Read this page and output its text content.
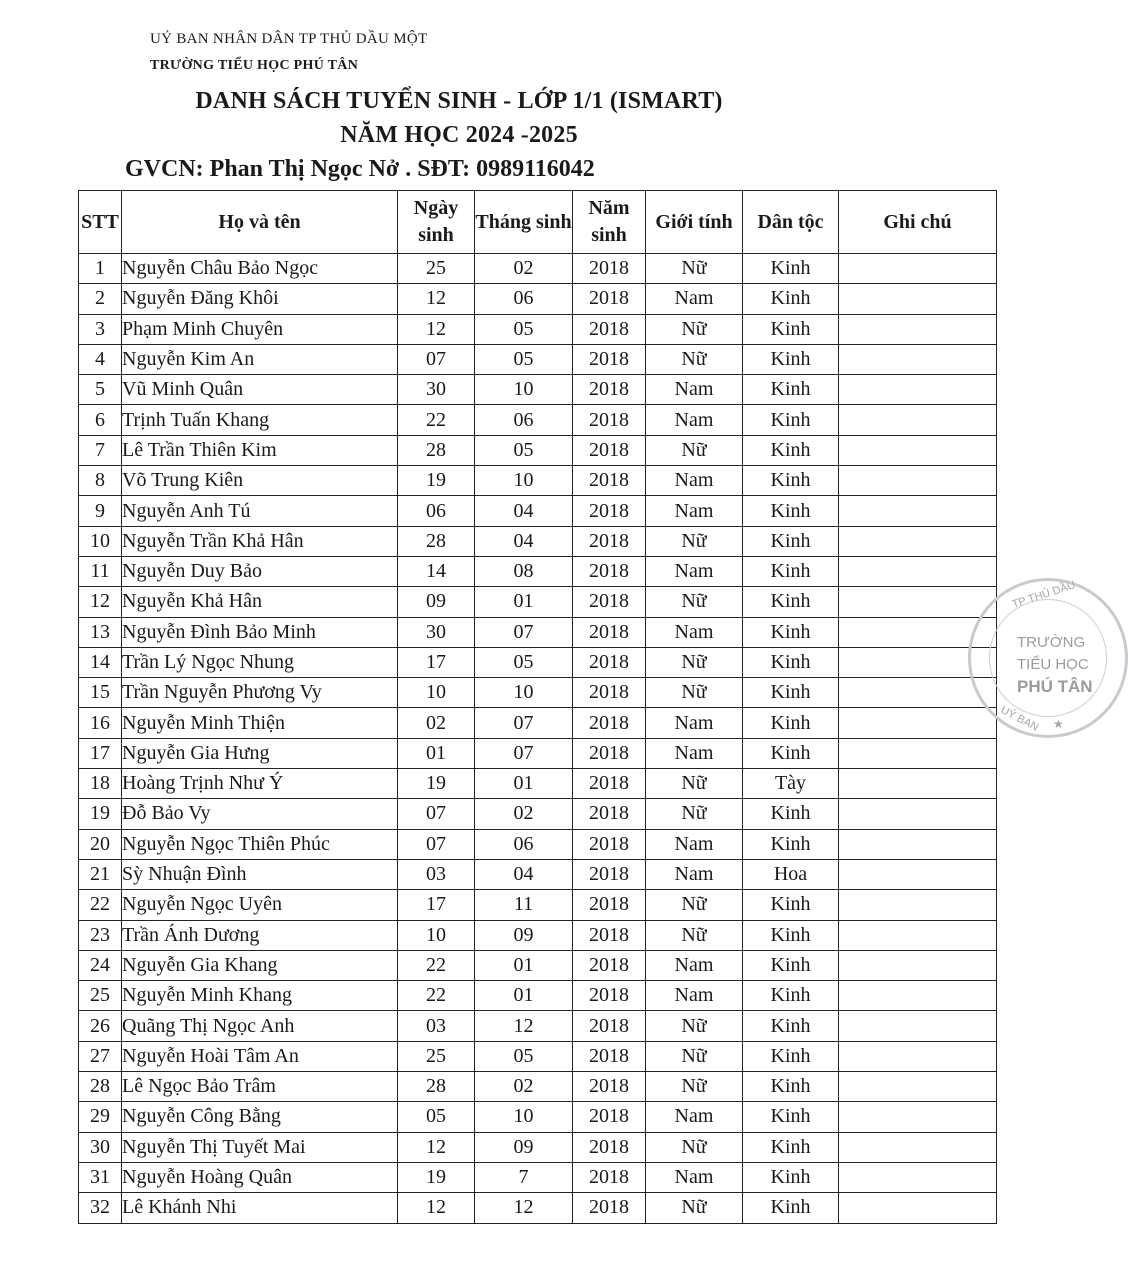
UỶ BAN NHÂN DÂN TP THỦ DẦU MỘT
TRƯỜNG TIỂU HỌC PHÚ TÂN
DANH SÁCH TUYỂN SINH - LỚP 1/1 (ISMART)
NĂM HỌC 2024 -2025
GVCN: Phan Thị Ngọc Nở . SĐT: 0989116042
STT	Họ và tên	Ngày sinh	Tháng sinh	Năm sinh	Giới tính	Dân tộc	Ghi chú
1	Nguyễn Châu Bảo Ngọc	25	02	2018	Nữ	Kinh	
2	Nguyễn Đăng Khôi	12	06	2018	Nam	Kinh	
3	Phạm Minh Chuyên	12	05	2018	Nữ	Kinh	
4	Nguyễn Kim An	07	05	2018	Nữ	Kinh	
5	Vũ Minh Quân	30	10	2018	Nam	Kinh	
6	Trịnh Tuấn Khang	22	06	2018	Nam	Kinh	
7	Lê Trần Thiên Kim	28	05	2018	Nữ	Kinh	
8	Võ Trung Kiên	19	10	2018	Nam	Kinh	
9	Nguyễn Anh Tú	06	04	2018	Nam	Kinh	
10	Nguyễn Trần Khả Hân	28	04	2018	Nữ	Kinh	
11	Nguyễn Duy Bảo	14	08	2018	Nam	Kinh	
12	Nguyễn Khả Hân	09	01	2018	Nữ	Kinh	
13	Nguyễn Đình Bảo Minh	30	07	2018	Nam	Kinh	
14	Trần Lý Ngọc Nhung	17	05	2018	Nữ	Kinh	
15	Trần Nguyễn Phương Vy	10	10	2018	Nữ	Kinh	
16	Nguyễn Minh Thiện	02	07	2018	Nam	Kinh	
17	Nguyễn Gia Hưng	01	07	2018	Nam	Kinh	
18	Hoàng Trịnh Như Ý	19	01	2018	Nữ	Tày	
19	Đỗ Bảo Vy	07	02	2018	Nữ	Kinh	
20	Nguyễn Ngọc Thiên Phúc	07	06	2018	Nam	Kinh	
21	Sỳ Nhuận Đình	03	04	2018	Nam	Hoa	
22	Nguyễn Ngọc Uyên	17	11	2018	Nữ	Kinh	
23	Trần Ánh Dương	10	09	2018	Nữ	Kinh	
24	Nguyễn Gia Khang	22	01	2018	Nam	Kinh	
25	Nguyễn Minh Khang	22	01	2018	Nam	Kinh	
26	Quãng Thị Ngọc Anh	03	12	2018	Nữ	Kinh	
27	Nguyễn Hoài Tâm An	25	05	2018	Nữ	Kinh	
28	Lê Ngọc Bảo Trâm	28	02	2018	Nữ	Kinh	
29	Nguyễn Công Bằng	05	10	2018	Nam	Kinh	
30	Nguyễn Thị Tuyết Mai	12	09	2018	Nữ	Kinh	
31	Nguyễn Hoàng Quân	19	7	2018	Nam	Kinh	
32	Lê Khánh Nhi	12	12	2018	Nữ	Kinh	
TP THỦ DẦU
TRƯỜNG
TIỂU HỌC
PHÚ TÂN
UỶ BAN ★
